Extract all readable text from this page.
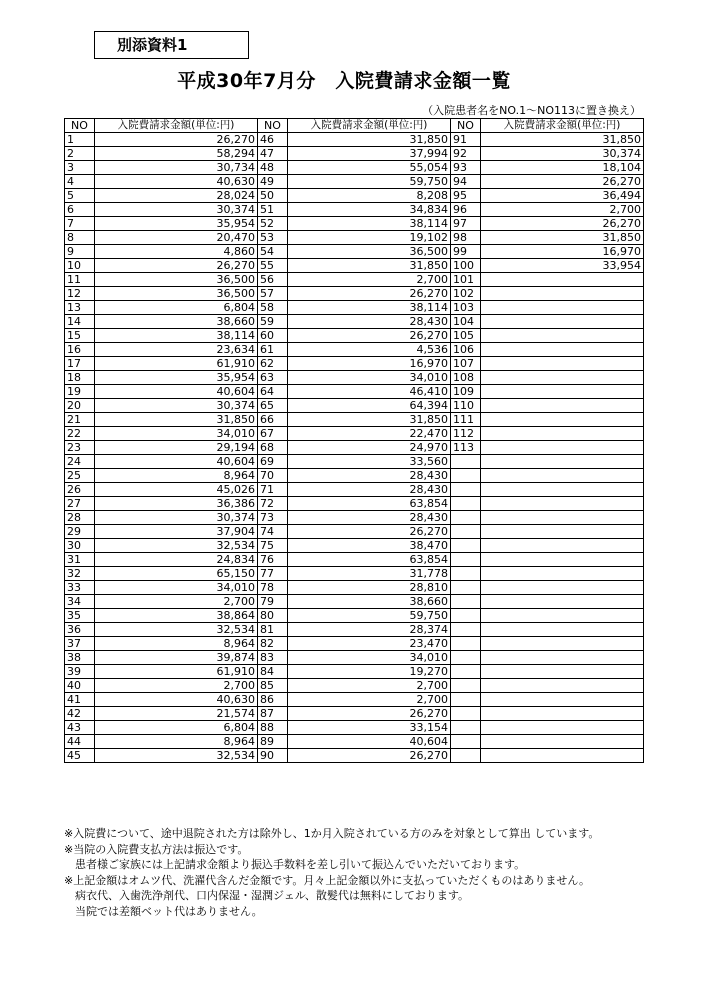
別添資料1
平成30年7月分　入院費請求金額一覧
（入院患者名をNO.1～NO113に置き換え）
NO	入院費請求金額(単位:円)	NO	入院費請求金額(単位:円)	NO	入院費請求金額(単位:円)
1	26,270	46	31,850	91	31,850
2	58,294	47	37,994	92	30,374
3	30,734	48	55,054	93	18,104
4	40,630	49	59,750	94	26,270
5	28,024	50	8,208	95	36,494
6	30,374	51	34,834	96	2,700
7	35,954	52	38,114	97	26,270
8	20,470	53	19,102	98	31,850
9	4,860	54	36,500	99	16,970
10	26,270	55	31,850	100	33,954
11	36,500	56	2,700	101	
12	36,500	57	26,270	102	
13	6,804	58	38,114	103	
14	38,660	59	28,430	104	
15	38,114	60	26,270	105	
16	23,634	61	4,536	106	
17	61,910	62	16,970	107	
18	35,954	63	34,010	108	
19	40,604	64	46,410	109	
20	30,374	65	64,394	110	
21	31,850	66	31,850	111	
22	34,010	67	22,470	112	
23	29,194	68	24,970	113	
24	40,604	69	33,560		
25	8,964	70	28,430		
26	45,026	71	28,430		
27	36,386	72	63,854		
28	30,374	73	28,430		
29	37,904	74	26,270		
30	32,534	75	38,470		
31	24,834	76	63,854		
32	65,150	77	31,778		
33	34,010	78	28,810		
34	2,700	79	38,660		
35	38,864	80	59,750		
36	32,534	81	28,374		
37	8,964	82	23,470		
38	39,874	83	34,010		
39	61,910	84	19,270		
40	2,700	85	2,700		
41	40,630	86	2,700		
42	21,574	87	26,270		
43	6,804	88	33,154		
44	8,964	89	40,604		
45	32,534	90	26,270		
※入院費について、途中退院された方は除外し、1か月入院されている方のみを対象として算出 しています。
※当院の入院費支払方法は振込です。
　患者様ご家族には上記請求金額より振込手数料を差し引いて振込んでいただいております。
※上記金額はオムツ代、洗濯代含んだ金額です。月々上記金額以外に支払っていただくものはありません。
　病衣代、入歯洗浄剤代、口内保湿・湿潤ジェル、散髪代は無料にしております。
　当院では差額ベット代はありません。
